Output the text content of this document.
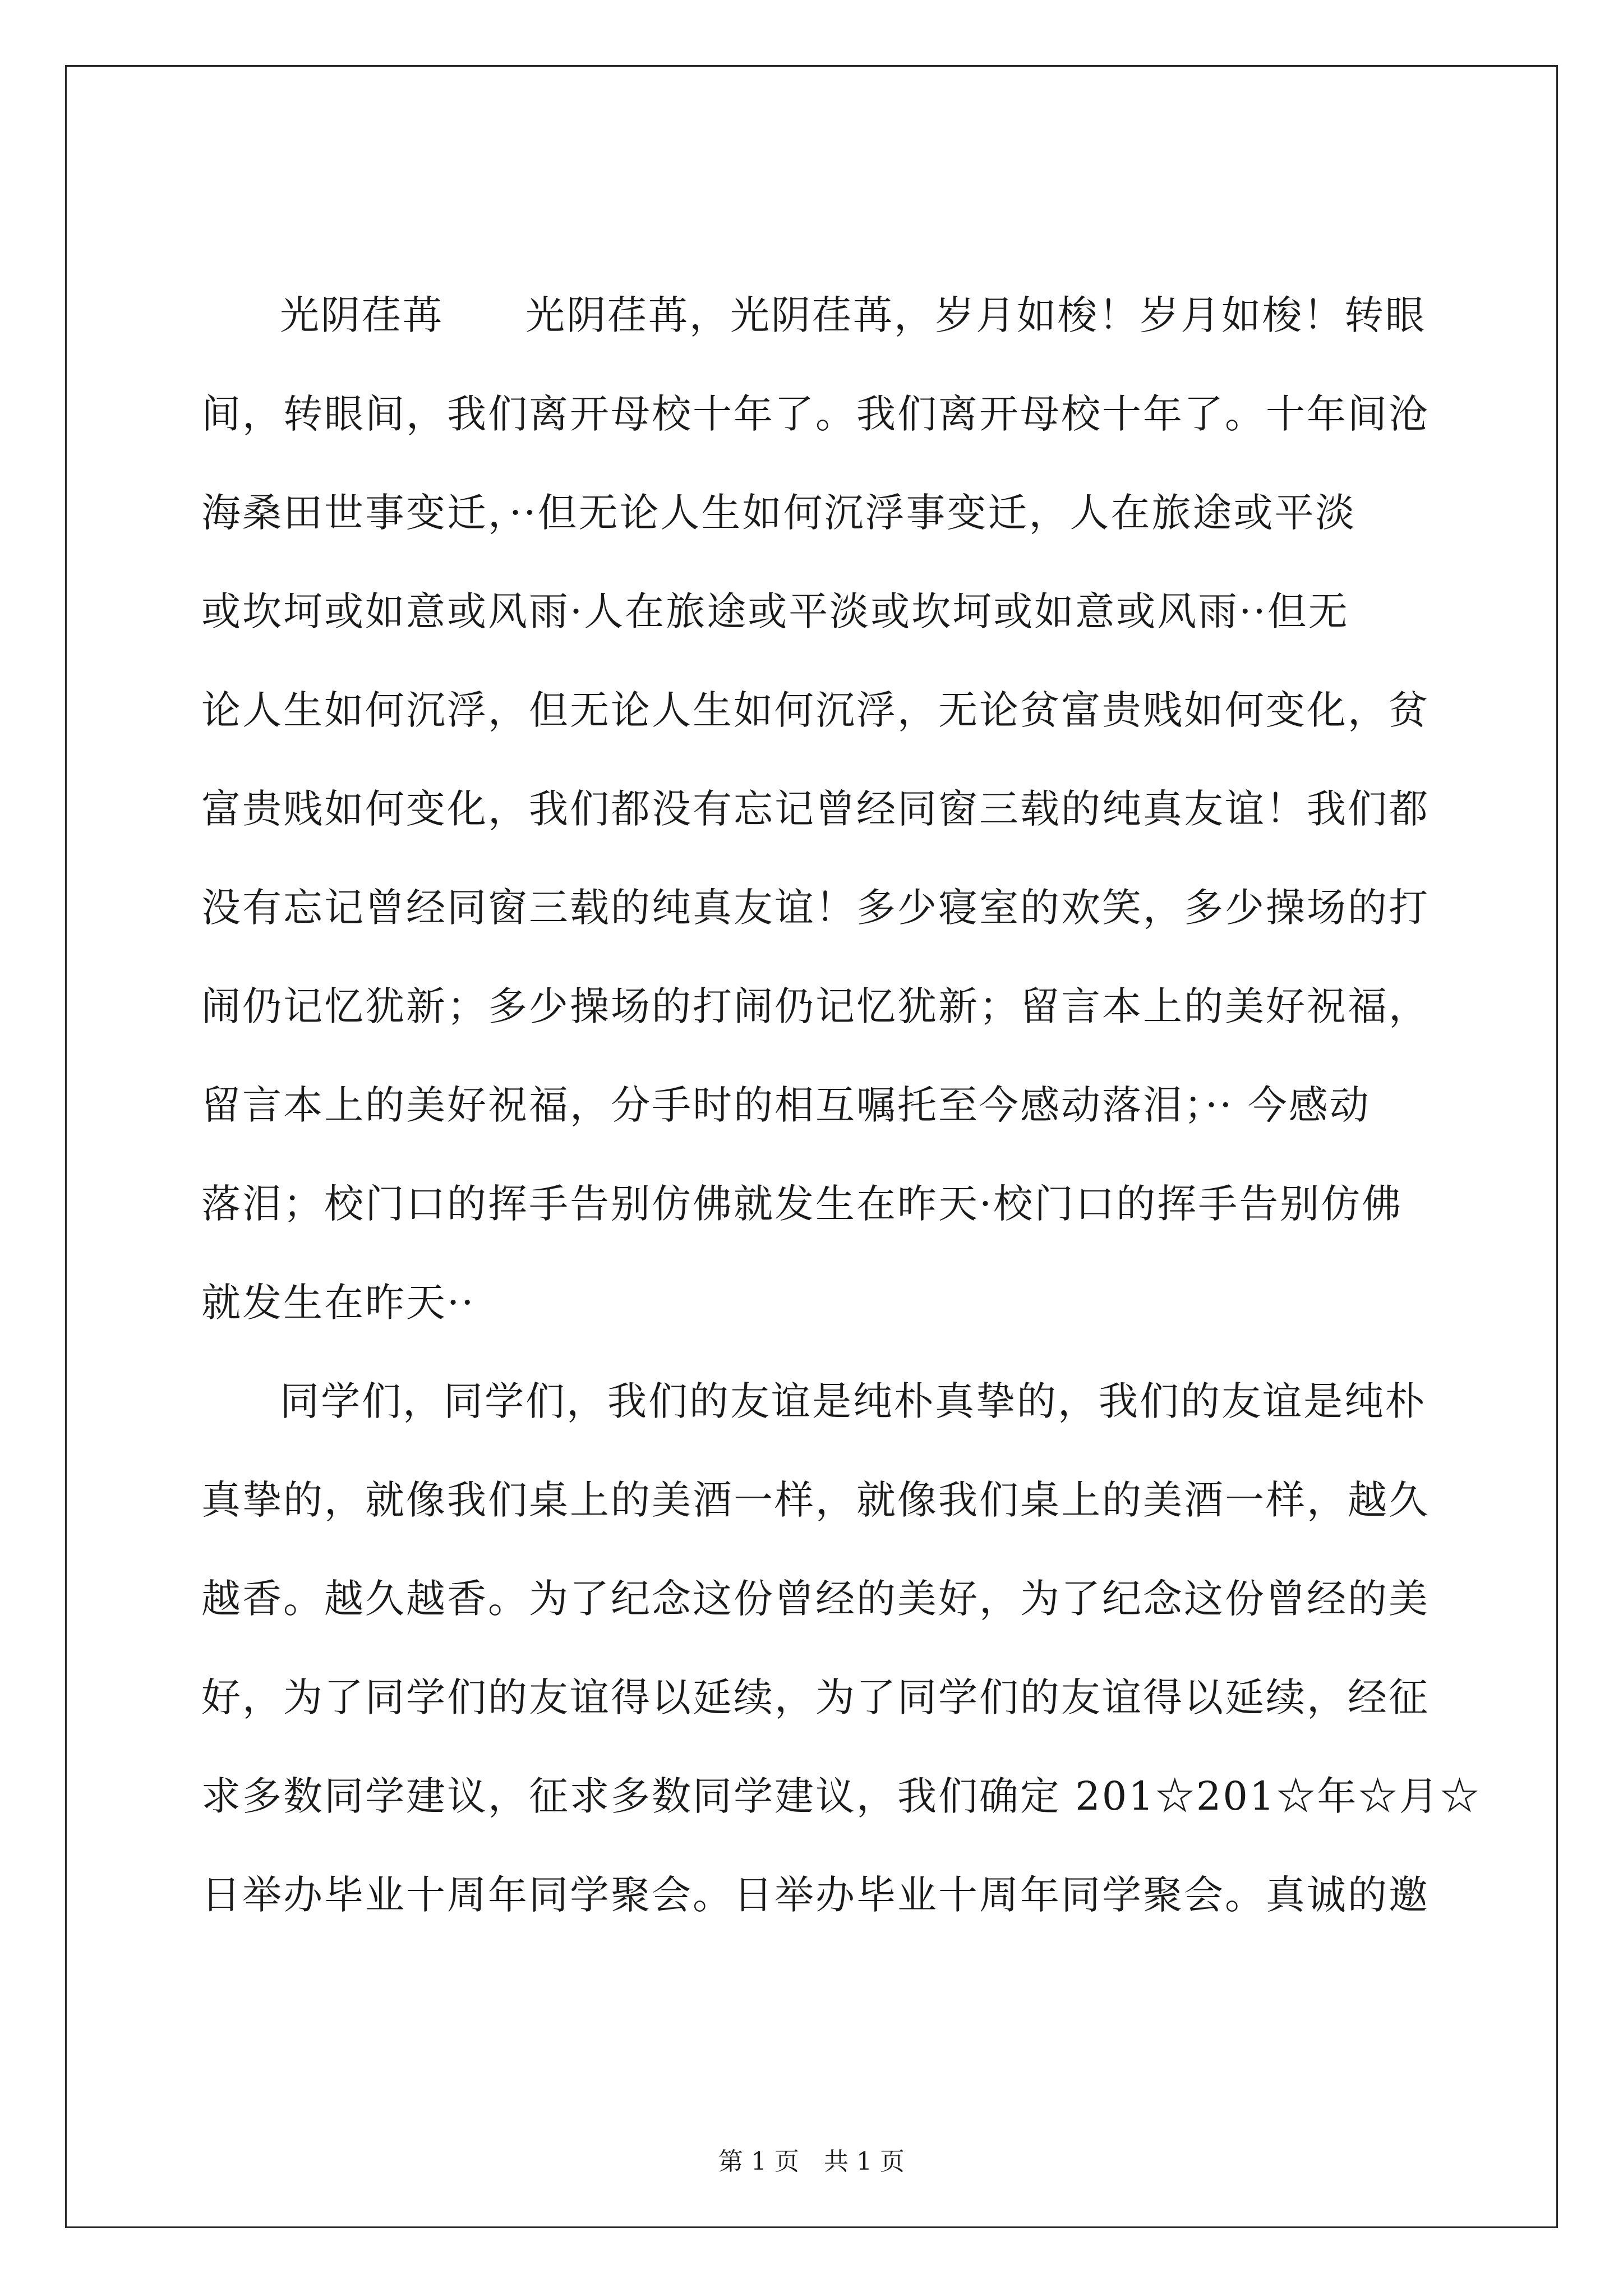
光阴荏苒　　光阴荏苒，光阴荏苒，岁月如梭！岁月如梭！转眼
间，转眼间，我们离开母校十年了。我们离开母校十年了。十年间沧
海桑田世事变迁，··但无论人生如何沉浮事变迁，人在旅途或平淡
或坎坷或如意或风雨·人在旅途或平淡或坎坷或如意或风雨··但无
论人生如何沉浮，但无论人生如何沉浮，无论贫富贵贱如何变化，贫
富贵贱如何变化，我们都没有忘记曾经同窗三载的纯真友谊！我们都
没有忘记曾经同窗三载的纯真友谊！多少寝室的欢笑，多少操场的打
闹仍记忆犹新；多少操场的打闹仍记忆犹新；留言本上的美好祝福，
留言本上的美好祝福，分手时的相互嘱托至今感动落泪；·· 今感动
落泪；校门口的挥手告别仿佛就发生在昨天·校门口的挥手告别仿佛
就发生在昨天··
同学们，同学们，我们的友谊是纯朴真挚的，我们的友谊是纯朴
真挚的，就像我们桌上的美酒一样，就像我们桌上的美酒一样，越久
越香。越久越香。为了纪念这份曾经的美好，为了纪念这份曾经的美
好，为了同学们的友谊得以延续，为了同学们的友谊得以延续，经征
求多数同学建议，征求多数同学建议，我们确定 201☆201☆年☆月☆
日举办毕业十周年同学聚会。日举办毕业十周年同学聚会。真诚的邀
第 1 页　共 1 页
